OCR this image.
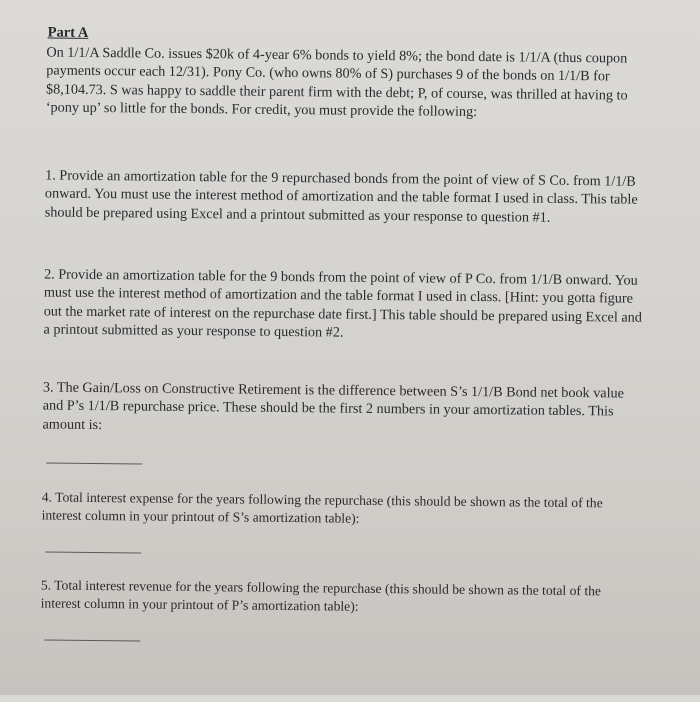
Part A

On 1/1/A Saddle Co. issues $20k of 4-year 6% bonds to yield 8%; the bond date is 1/1/A (thus coupon payments occur each 12/31). Pony Co. (who owns 80% of S) purchases 9 of the bonds on 1/1/B for $8,104.73. S was happy to saddle their parent firm with the debt; P, of course, was thrilled at having to ‘pony up’ so little for the bonds. For credit, you must provide the following:

1. Provide an amortization table for the 9 repurchased bonds from the point of view of S Co. from 1/1/B onward. You must use the interest method of amortization and the table format I used in class. This table should be prepared using Excel and a printout submitted as your response to question #1.

2. Provide an amortization table for the 9 bonds from the point of view of P Co. from 1/1/B onward. You must use the interest method of amortization and the table format I used in class. [Hint: you gotta figure out the market rate of interest on the repurchase date first.] This table should be prepared using Excel and a printout submitted as your response to question #2.

3. The Gain/Loss on Constructive Retirement is the difference between S’s 1/1/B Bond net book value and P’s 1/1/B repurchase price. These should be the first 2 numbers in your amortization tables. This amount is:

4. Total interest expense for the years following the repurchase (this should be shown as the total of the interest column in your printout of S’s amortization table):

5. Total interest revenue for the years following the repurchase (this should be shown as the total of the interest column in your printout of P’s amortization table):
